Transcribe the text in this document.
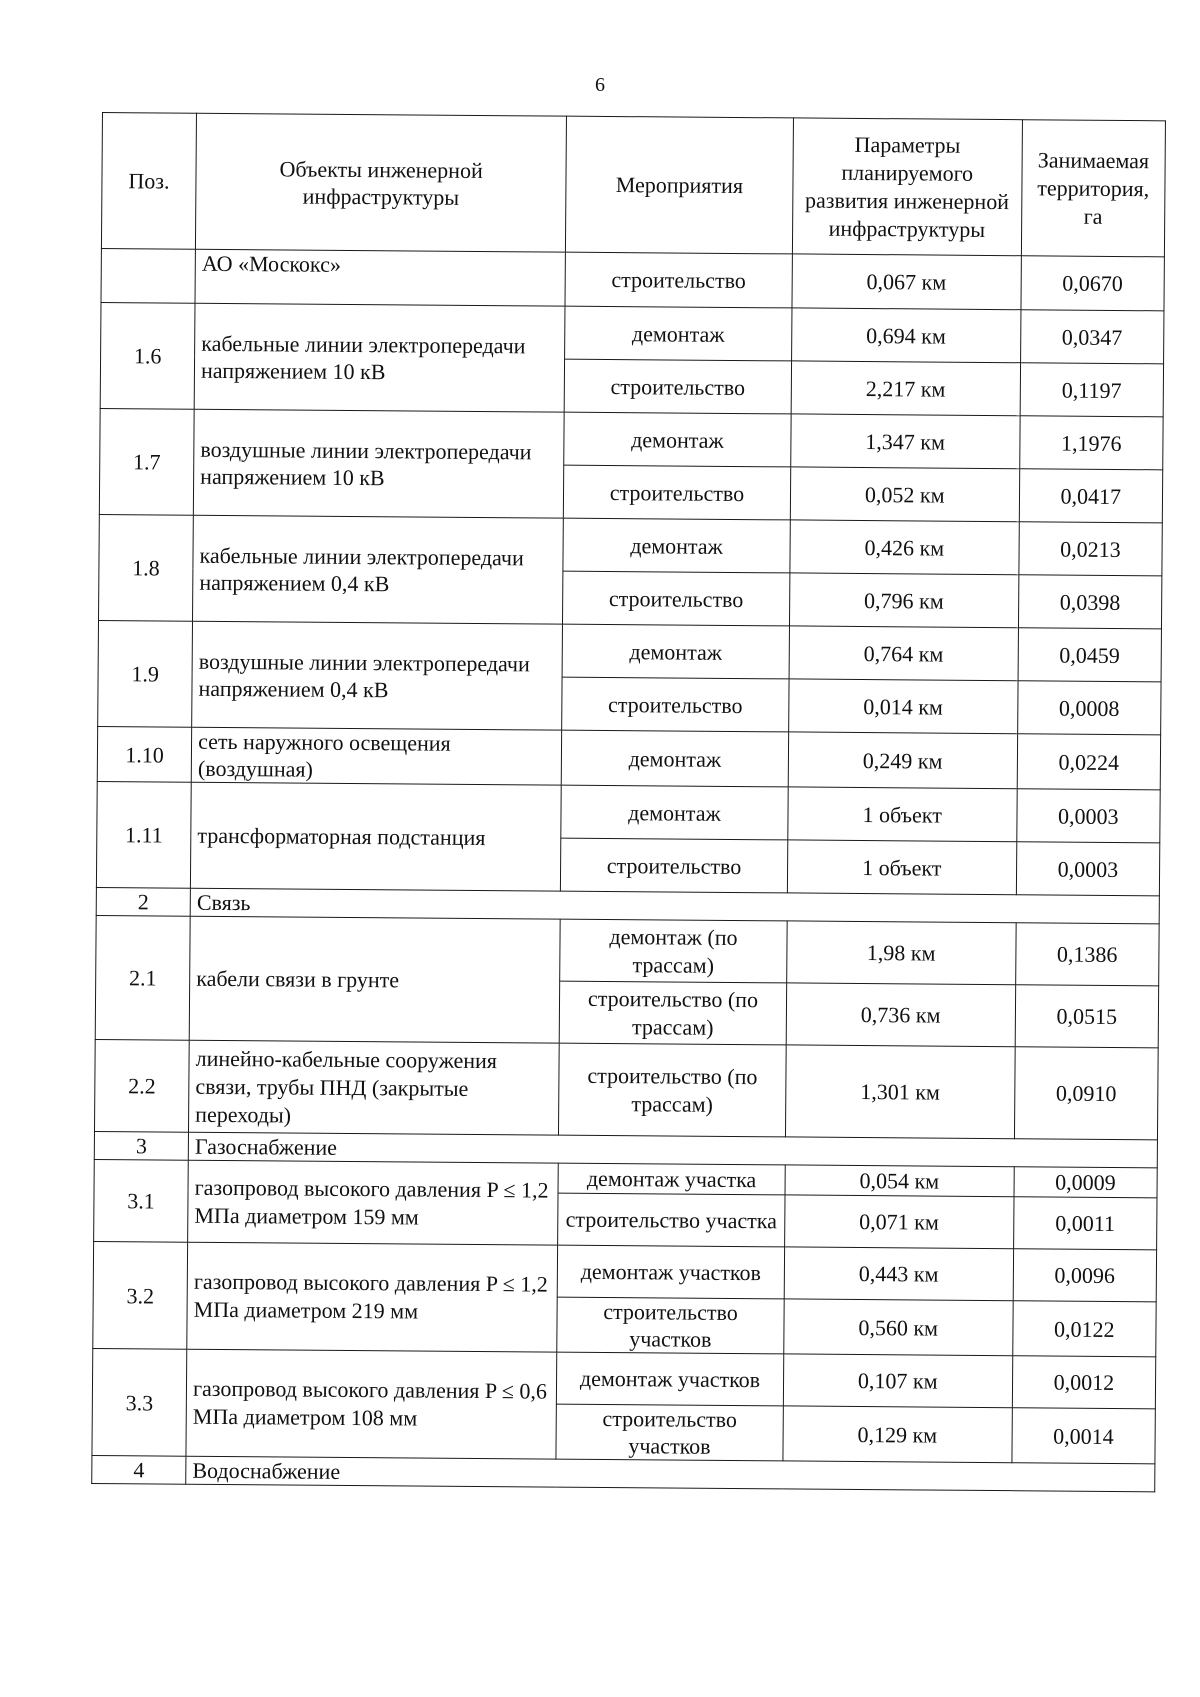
6
Поз.	Объекты инженерной инфраструктуры	Мероприятия	Параметры планируемого развития инженерной инфраструктуры	Занимаемая территория, га
	АО «Москокс»	строительство	0,067 км	0,0670
1.6	кабельные линии электропередачи напряжением 10 кВ	демонтаж	0,694 км	0,0347
		строительство	2,217 км	0,1197
1.7	воздушные линии электропередачи напряжением 10 кВ	демонтаж	1,347 км	1,1976
		строительство	0,052 км	0,0417
1.8	кабельные линии электропередачи напряжением 0,4 кВ	демонтаж	0,426 км	0,0213
		строительство	0,796 км	0,0398
1.9	воздушные линии электропередачи напряжением 0,4 кВ	демонтаж	0,764 км	0,0459
		строительство	0,014 км	0,0008
1.10	сеть наружного освещения (воздушная)	демонтаж	0,249 км	0,0224
1.11	трансформаторная подстанция	демонтаж	1 объект	0,0003
		строительство	1 объект	0,0003
2	Связь			
2.1	кабели связи в грунте	демонтаж (по трассам)	1,98 км	0,1386
		строительство (по трассам)	0,736 км	0,0515
2.2	линейно-кабельные сооружения связи, трубы ПНД (закрытые переходы)	строительство (по трассам)	1,301 км	0,0910
3	Газоснабжение			
3.1	газопровод высокого давления P ≤ 1,2 МПа диаметром 159 мм	демонтаж участка	0,054 км	0,0009
		строительство участка	0,071 км	0,0011
3.2	газопровод высокого давления P ≤ 1,2 МПа диаметром 219 мм	демонтаж участков	0,443 км	0,0096
		строительство участков	0,560 км	0,0122
3.3	газопровод высокого давления P ≤ 0,6 МПа диаметром 108 мм	демонтаж участков	0,107 км	0,0012
		строительство участков	0,129 км	0,0014
4	Водоснабжение			
